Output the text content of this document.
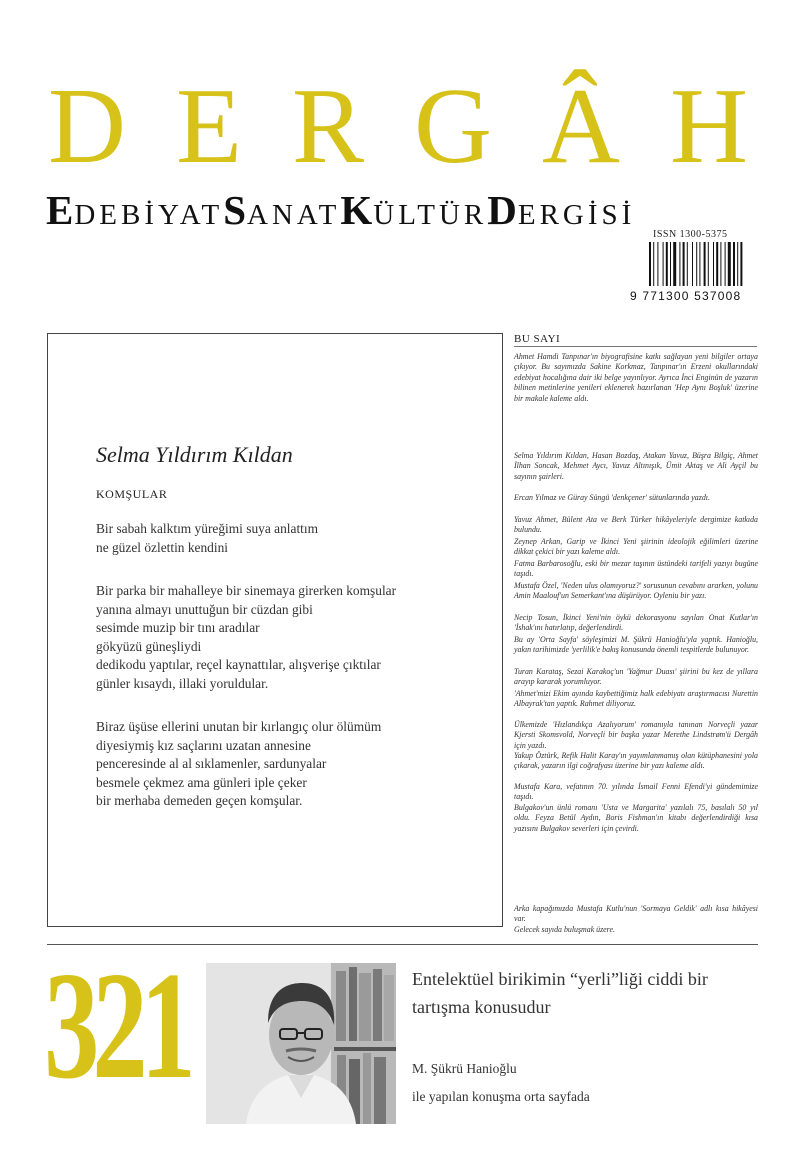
DERGÂH
EDEBİYATSANATKÜLTÜRDERGİSİ
ISSN 1300-5375
9 771300 537008
Selma Yıldırım Kıldan
KOMŞULAR
Bir sabah kalktım yüreğimi suya anlattım
ne güzel özlettin kendini
Bir parka bir mahalleye bir sinemaya girerken komşular
yanına almayı unuttuğun bir cüzdan gibi
sesimde muzip bir tını aradılar
gökyüzü güneşliydi
dedikodu yaptılar, reçel kaynattılar, alışverişe çıktılar
günler kısaydı, illaki yoruldular.
Biraz üşüse ellerini unutan bir kırlangıç olur ölümüm
diyesiymiş kız saçlarını uzatan annesine
penceresinde al al sıklamenler, sardunyalar
besmele çekmez ama günleri iple çeker
bir merhaba demeden geçen komşular.
BU SAYI
Ahmet Hamdi Tanpınar'ın biyografisine katkı sağlayan yeni bilgiler ortaya çıkıyor. Bu sayımızda Sakine Korkmaz, Tanpınar'ın Erzeni okullarındaki edebiyat hocalığına dair iki belge yayınlıyor. Ayrıca İnci Enginün de yazarın bilinen metinlerine yenileri eklenerek hazırlanan 'Hep Aynı Boşluk' üzerine bir makale kaleme aldı.
Selma Yıldırım Kıldan, Hasan Bozdaş, Atakan Yavuz, Büşra Bilgiç, Ahmet İlhan Soncak, Mehmet Aycı, Yavuz Altınışık, Ümit Aktaş ve Ali Ayçil bu sayının şairleri.
Ercan Yılmaz ve Güray Süngü 'denkçener' sütunlarında yazdı.
Yavuz Ahmet, Bülent Ata ve Berk Türker hikâyeleriyle dergimize katkıda bulundu.
Zeynep Arkan, Garip ve İkinci Yeni şiirinin ideolojik eğilimleri üzerine dikkat çekici bir yazı kaleme aldı.
Fatma Barbarosoğlu, eski bir mezar taşının üstündeki tarifeli yazıyı bugüne taşıdı.
Mustafa Özel, 'Neden ulus olamıyoruz?' sorusunun cevabını ararken, yolunu Amin Maalouf'un Semerkant'ına düşürüyor. Oyleniu bir yazı.
Necip Tosun, İkinci Yeni'nin öykü dekorasyonu sayılan Onat Kutlar'ın 'İshak'ını hatırlatıp, değerlendirdi.
Bu ay 'Orta Sayfa' söyleşimizi M. Şükrü Hanioğlu'yla yaptık. Hanioğlu, yakın tarihimizde 'yerlilik'e bakış konusunda önemli tespitlerde bulunuyor.
Turan Karataş, Sezai Karakoç'un 'Yağmur Duası' şiirini bu kez de yıllara arayıp kararak yorumluyor.
'Ahmet'mizi Ekim ayında kaybettiğimiz halk edebiyatı araştırmacısı Nurettin Albayrak'tan yaptık. Rahmet diliyoruz.
Ülkemizde 'Hızlandıkça Azalıyorum' romanıyla tanınan Norveçli yazar Kjersti Skomsvold, Norveçli bir başka yazar Merethe Lindstrøm'ü Dergâh için yazdı.
Yakup Öztürk, Refik Halit Karay'ın yayımlanmamış olan kütüphanesini yola çıkarak, yazarın ilgi coğrafyası üzerine bir yazı kaleme aldı.
Mustafa Kara, vefatının 70. yılında İsmail Fenni Efendi'yi gündemimize taşıdı.
Bulgakov'un ünlü romanı 'Usta ve Margarita' yazılalı 75, basılalı 50 yıl oldu. Feyza Betül Aydın, Boris Fishman'ın kitabı değerlendirdiği kısa yazısını Bulgakov severleri için çevirdi.
Arka kapağımızda Mustafa Kutlu'nun 'Sormaya Geldik' adlı kısa hikâyesi var.
Gelecek sayıda buluşmak üzere.
321	Entelektüel birikimin “yerli”liği ciddi bir tartışma konusudur
M. Şükrü Hanioğlu
ile yapılan konuşma orta sayfada
